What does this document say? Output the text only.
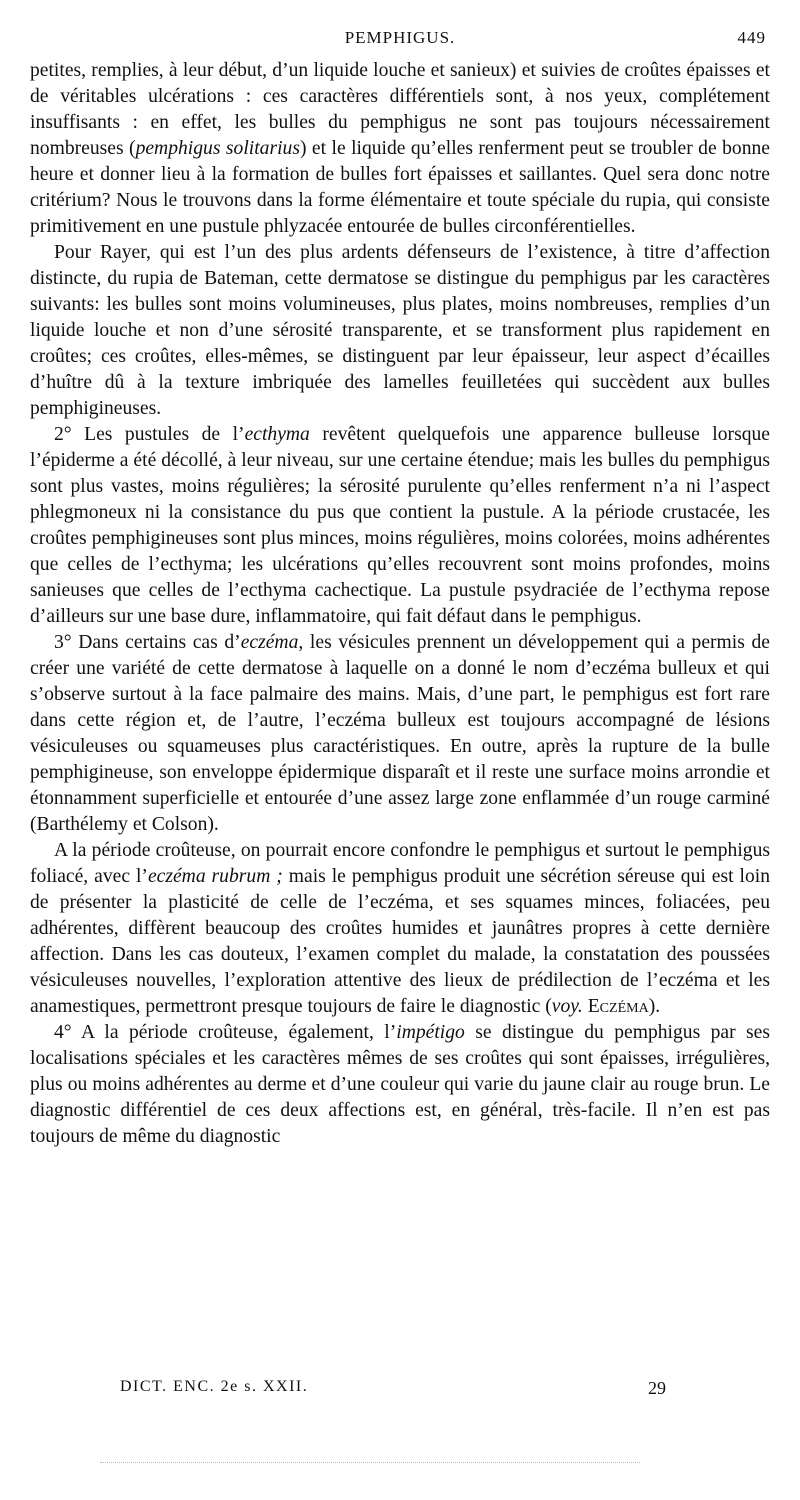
PEMPHIGUS.	449

petites, remplies, à leur début, d’un liquide louche et sanieux) et suivies de croûtes épaisses et de véritables ulcérations : ces caractères différentiels sont, à nos yeux, complétement insuffisants : en effet, les bulles du pemphigus ne sont pas toujours nécessairement nombreuses (pemphigus solitarius) et le liquide qu’elles renferment peut se troubler de bonne heure et donner lieu à la formation de bulles fort épaisses et saillantes. Quel sera donc notre critérium? Nous le trouvons dans la forme élémentaire et toute spéciale du rupia, qui consiste primitivement en une pustule phlyzacée entourée de bulles circonférentielles.

Pour Rayer, qui est l’un des plus ardents défenseurs de l’existence, à titre d’affection distincte, du rupia de Bateman, cette dermatose se distingue du pemphigus par les caractères suivants: les bulles sont moins volumineuses, plus plates, moins nombreuses, remplies d’un liquide louche et non d’une sérosité transparente, et se transforment plus rapidement en croûtes; ces croûtes, elles-mêmes, se distinguent par leur épaisseur, leur aspect d’écailles d’huître dû à la texture imbriquée des lamelles feuilletées qui succèdent aux bulles pemphigineuses.

2° Les pustules de l’ecthyma revêtent quelquefois une apparence bulleuse lorsque l’épiderme a été décollé, à leur niveau, sur une certaine étendue; mais les bulles du pemphigus sont plus vastes, moins régulières; la sérosité purulente qu’elles renferment n’a ni l’aspect phlegmoneux ni la consistance du pus que contient la pustule. A la période crustacée, les croûtes pemphigineuses sont plus minces, moins régulières, moins colorées, moins adhérentes que celles de l’ecthyma; les ulcérations qu’elles recouvrent sont moins profondes, moins sanieuses que celles de l’ecthyma cachectique. La pustule psydraciée de l’ecthyma repose d’ailleurs sur une base dure, inflammatoire, qui fait défaut dans le pemphigus.

3° Dans certains cas d’eczéma, les vésicules prennent un développement qui a permis de créer une variété de cette dermatose à laquelle on a donné le nom d’eczéma bulleux et qui s’observe surtout à la face palmaire des mains. Mais, d’une part, le pemphigus est fort rare dans cette région et, de l’autre, l’eczéma bulleux est toujours accompagné de lésions vésiculeuses ou squameuses plus caractéristiques. En outre, après la rupture de la bulle pemphigineuse, son enveloppe épidermique disparaît et il reste une surface moins arrondie et étonnamment superficielle et entourée d’une assez large zone enflammée d’un rouge carminé (Barthélemy et Colson).

A la période croûteuse, on pourrait encore confondre le pemphigus et surtout le pemphigus foliacé, avec l’eczéma rubrum ; mais le pemphigus produit une sécrétion séreuse qui est loin de présenter la plasticité de celle de l’eczéma, et ses squames minces, foliacées, peu adhérentes, diffèrent beaucoup des croûtes humides et jaunâtres propres à cette dernière affection. Dans les cas douteux, l’examen complet du malade, la constatation des poussées vésiculeuses nouvelles, l’exploration attentive des lieux de prédilection de l’eczéma et les anamestiques, permettront presque toujours de faire le diagnostic (voy. Eczéma).

4° A la période croûteuse, également, l’impétigo se distingue du pemphigus par ses localisations spéciales et les caractères mêmes de ses croûtes qui sont épaisses, irrégulières, plus ou moins adhérentes au derme et d’une couleur qui varie du jaune clair au rouge brun. Le diagnostic différentiel de ces deux affections est, en général, très-facile. Il n’en est pas toujours de même du diagnostic

DICT. ENC. 2e s. XXII.	29
